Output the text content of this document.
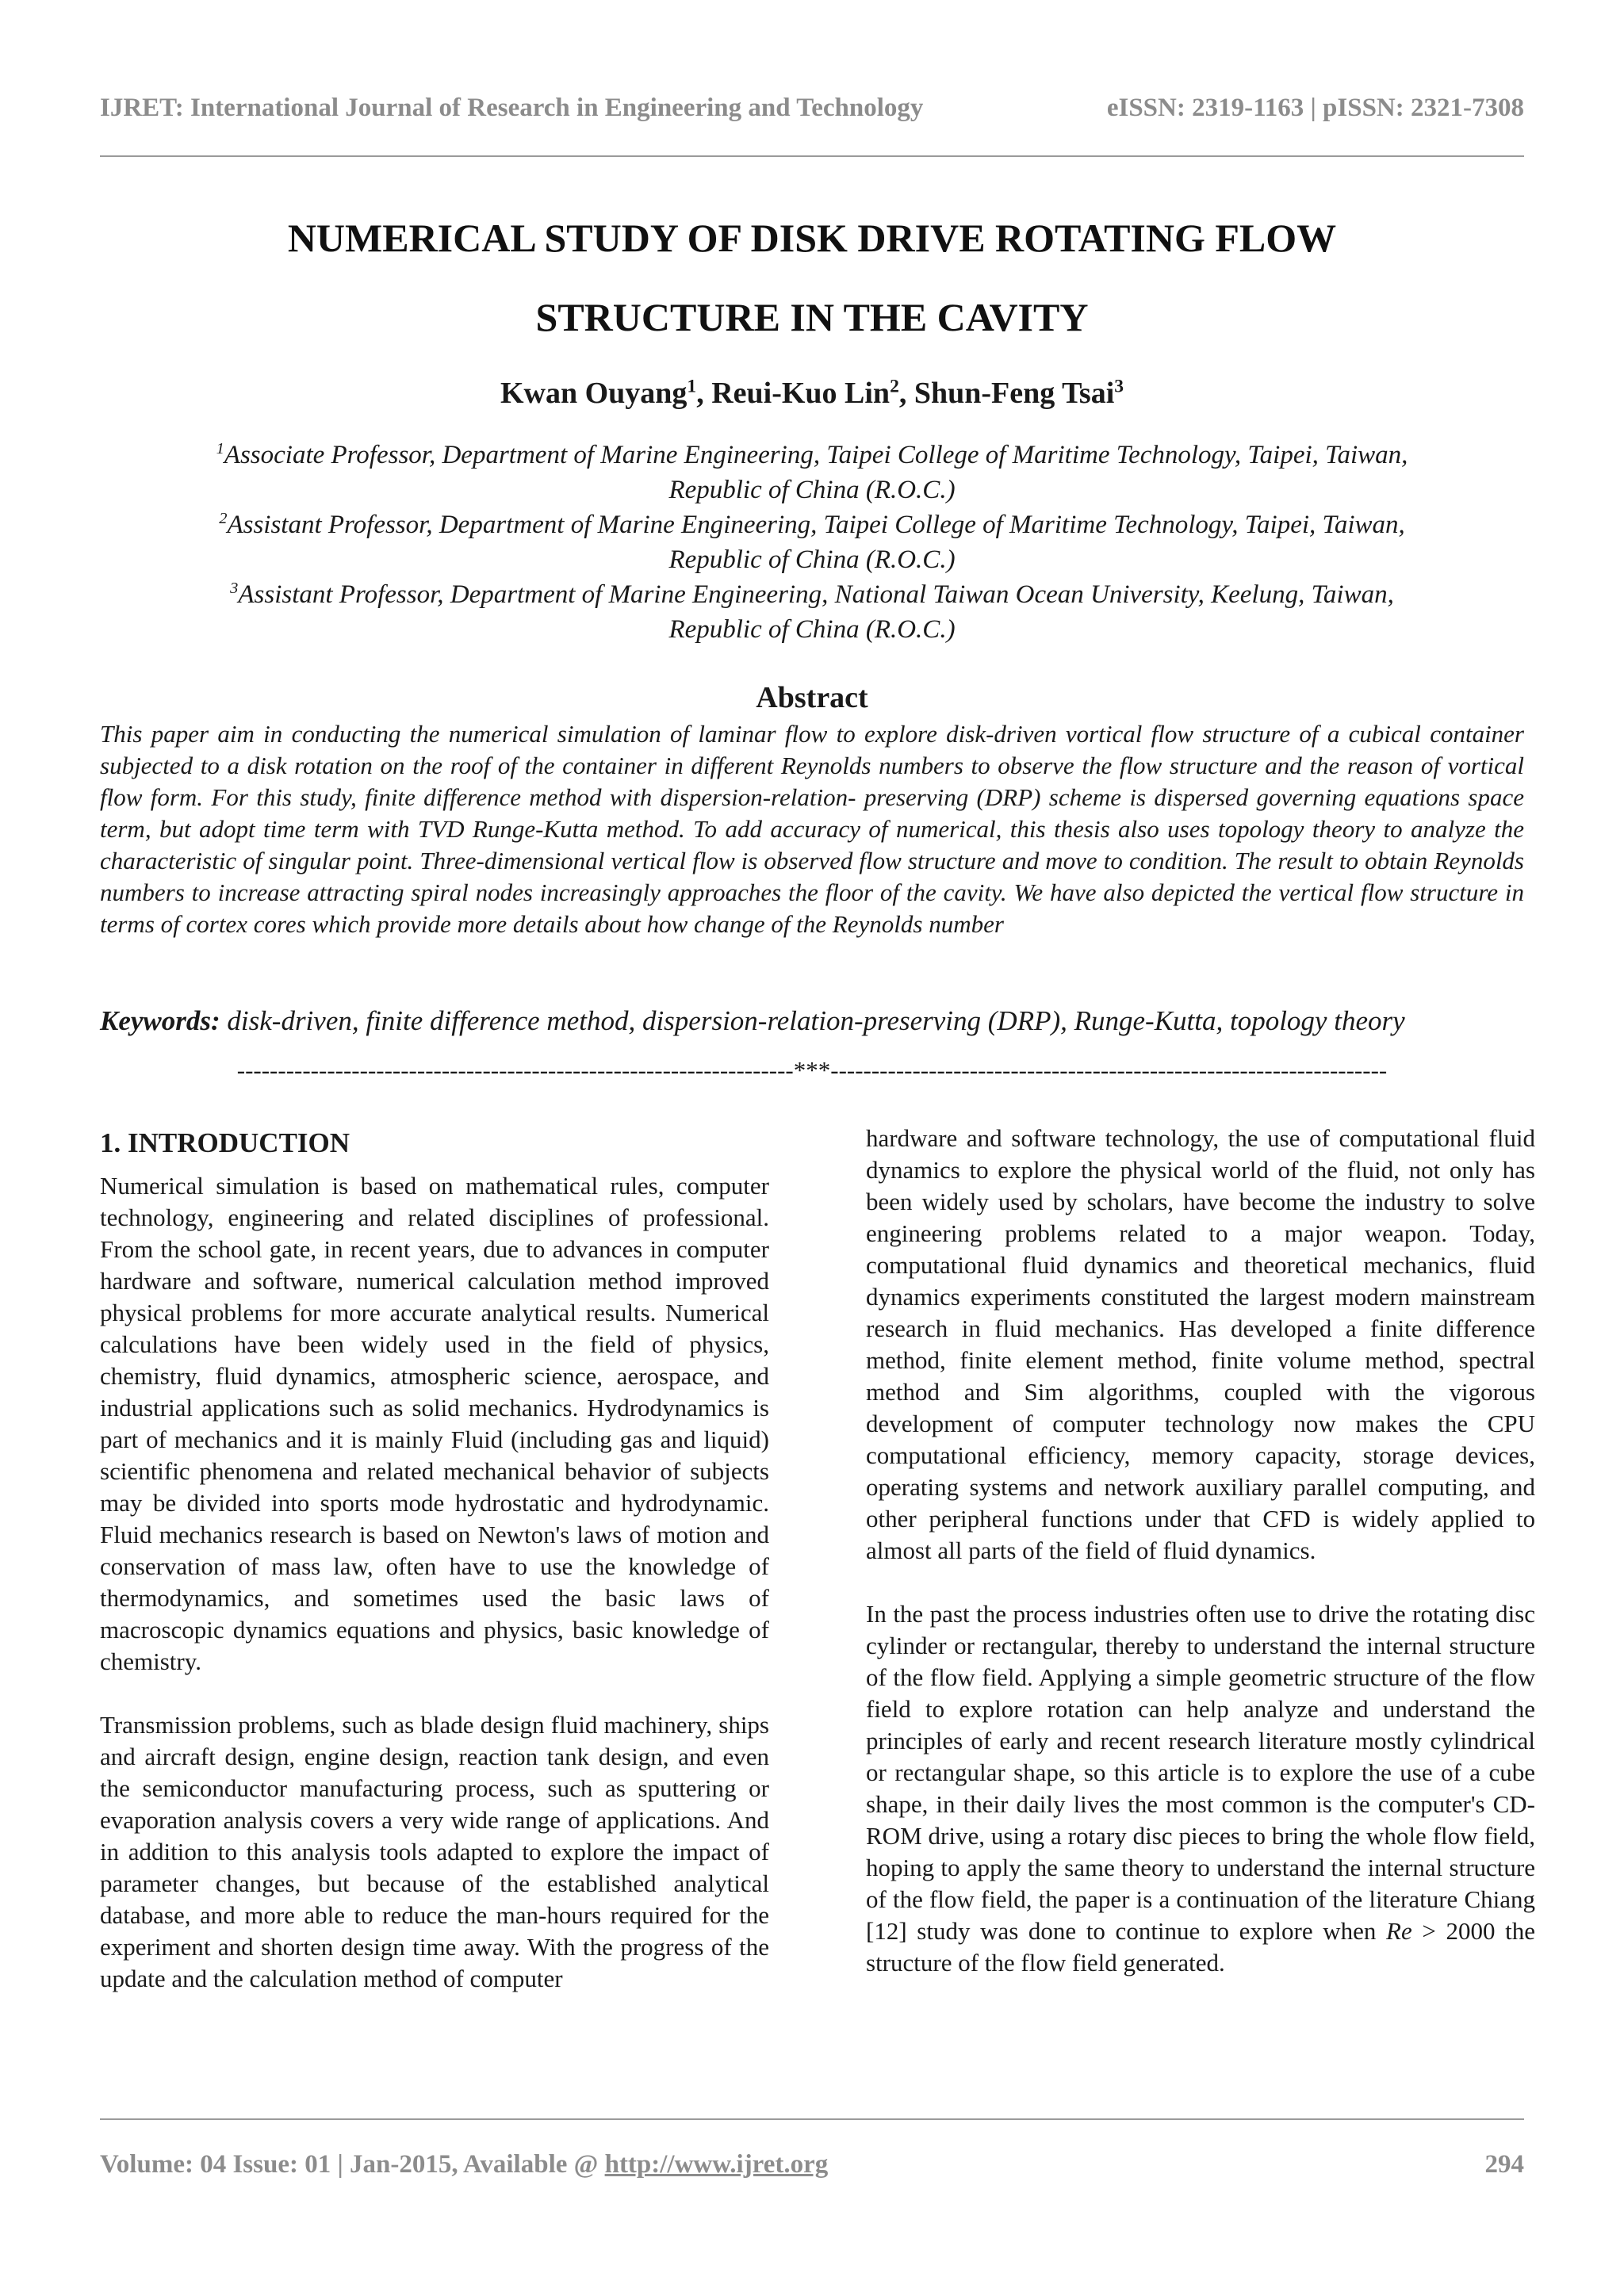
IJRET: International Journal of Research in Engineering and Technology	eISSN: 2319-1163 | pISSN: 2321-7308
NUMERICAL STUDY OF DISK DRIVE ROTATING FLOW
STRUCTURE IN THE CAVITY
Kwan Ouyang$^1$, Reui-Kuo Lin$^2$, Shun-Feng Tsai$^3$
$^1$Associate Professor, Department of Marine Engineering, Taipei College of Maritime Technology, Taipei, Taiwan,
Republic of China (R.O.C.)
$^2$Assistant Professor, Department of Marine Engineering, Taipei College of Maritime Technology, Taipei, Taiwan,
Republic of China (R.O.C.)
$^3$Assistant Professor, Department of Marine Engineering, National Taiwan Ocean University, Keelung, Taiwan,
Republic of China (R.O.C.)
Abstract

This paper aim in conducting the numerical simulation of laminar flow to explore disk-driven vortical flow structure of a cubical container subjected to a disk rotation on the roof of the container in different Reynolds numbers to observe the flow structure and the reason of vortical flow form. For this study, finite difference method with dispersion-relation- preserving (DRP) scheme is dispersed governing equations space term, but adopt time term with TVD Runge-Kutta method. To add accuracy of numerical, this thesis also uses topology theory to analyze the characteristic of singular point. Three-dimensional vertical flow is observed flow structure and move to condition. The result to obtain Reynolds numbers to increase attracting spiral nodes increasingly approaches the floor of the cavity. We have also depicted the vertical flow structure in terms of cortex cores which provide more details about how change of the Reynolds number

Keywords: disk-driven, finite difference method, dispersion-relation-preserving (DRP), Runge-Kutta, topology theory

--------------------------------------------------------------------***--------------------------------------------------------------------
1. INTRODUCTION

Numerical simulation is based on mathematical rules, computer technology, engineering and related disciplines of professional. From the school gate, in recent years, due to advances in computer hardware and software, numerical calculation method improved physical problems for more accurate analytical results. Numerical calculations have been widely used in the field of physics, chemistry, fluid dynamics, atmospheric science, aerospace, and industrial applications such as solid mechanics. Hydrodynamics is part of mechanics and it is mainly Fluid (including gas and liquid) scientific phenomena and related mechanical behavior of subjects may be divided into sports mode hydrostatic and hydrodynamic. Fluid mechanics research is based on Newton's laws of motion and conservation of mass law, often have to use the knowledge of thermodynamics, and sometimes used the basic laws of macroscopic dynamics equations and physics, basic knowledge of chemistry.

Transmission problems, such as blade design fluid machinery, ships and aircraft design, engine design, reaction tank design, and even the semiconductor manufacturing process, such as sputtering or evaporation analysis covers a very wide range of applications. And in addition to this analysis tools adapted to explore the impact of parameter changes, but because of the established analytical database, and more able to reduce the man-hours required for the experiment and shorten design time away. With the progress of the update and the calculation method of computer

hardware and software technology, the use of computational fluid dynamics to explore the physical world of the fluid, not only has been widely used by scholars, have become the industry to solve engineering problems related to a major weapon. Today, computational fluid dynamics and theoretical mechanics, fluid dynamics experiments constituted the largest modern mainstream research in fluid mechanics. Has developed a finite difference method, finite element method, finite volume method, spectral method and Sim algorithms, coupled with the vigorous development of computer technology now makes the CPU computational efficiency, memory capacity, storage devices, operating systems and network auxiliary parallel computing, and other peripheral functions under that CFD is widely applied to almost all parts of the field of fluid dynamics.

In the past the process industries often use to drive the rotating disc cylinder or rectangular, thereby to understand the internal structure of the flow field. Applying a simple geometric structure of the flow field to explore rotation can help analyze and understand the principles of early and recent research literature mostly cylindrical or rectangular shape, so this article is to explore the use of a cube shape, in their daily lives the most common is the computer's CD-ROM drive, using a rotary disc pieces to bring the whole flow field, hoping to apply the same theory to understand the internal structure of the flow field, the paper is a continuation of the literature Chiang [12] study was done to continue to explore when Re > 2000 the structure of the flow field generated.

Volume: 04 Issue: 01 | Jan-2015, Available @ http://www.ijret.org	294
